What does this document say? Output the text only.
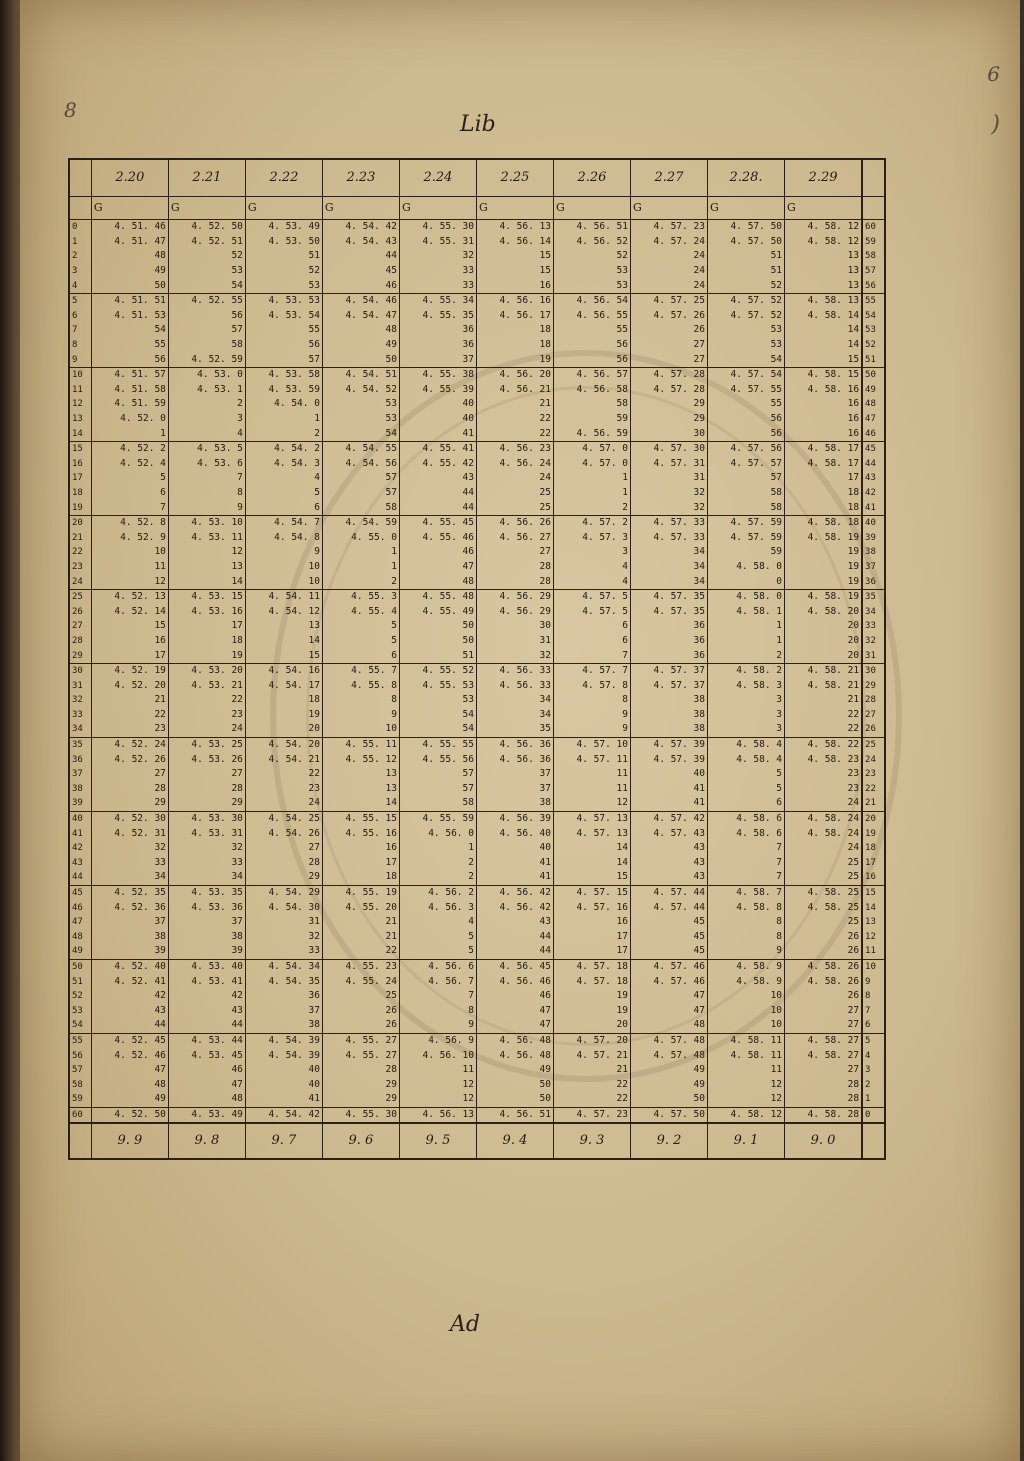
8
6
)
Lib
Ad
	2.20	2.21	2.22	2.23	2.24	2.25	2.26	2.27	2.28.	2.29	
	G	G	G	G	G	G	G	G	G	G	
0	4. 51. 46	4. 52. 50	4. 53. 49	4. 54. 42	4. 55. 30	4. 56. 13	4. 56. 51	4. 57. 23	4. 57. 50	4. 58. 12	60
1	4. 51. 47	4. 52. 51	4. 53. 50	4. 54. 43	4. 55. 31	4. 56. 14	4. 56. 52	4. 57. 24	4. 57. 50	4. 58. 12	59
2	48	52	51	44	32	15	52	24	51	13	58
3	49	53	52	45	33	15	53	24	51	13	57
4	50	54	53	46	33	16	53	24	52	13	56
5	4. 51. 51	4. 52. 55	4. 53. 53	4. 54. 46	4. 55. 34	4. 56. 16	4. 56. 54	4. 57. 25	4. 57. 52	4. 58. 13	55
6	4. 51. 53	56	4. 53. 54	4. 54. 47	4. 55. 35	4. 56. 17	4. 56. 55	4. 57. 26	4. 57. 52	4. 58. 14	54
7	54	57	55	48	36	18	55	26	53	14	53
8	55	58	56	49	36	18	56	27	53	14	52
9	56	4. 52. 59	57	50	37	19	56	27	54	15	51
10	4. 51. 57	4. 53. 0	4. 53. 58	4. 54. 51	4. 55. 38	4. 56. 20	4. 56. 57	4. 57. 28	4. 57. 54	4. 58. 15	50
11	4. 51. 58	4. 53. 1	4. 53. 59	4. 54. 52	4. 55. 39	4. 56. 21	4. 56. 58	4. 57. 28	4. 57. 55	4. 58. 16	49
12	4. 51. 59	2	4. 54. 0	53	40	21	58	29	55	16	48
13	4. 52. 0	3	1	53	40	22	59	29	56	16	47
14	1	4	2	54	41	22	4. 56. 59	30	56	16	46
15	4. 52. 2	4. 53. 5	4. 54. 2	4. 54. 55	4. 55. 41	4. 56. 23	4. 57. 0	4. 57. 30	4. 57. 56	4. 58. 17	45
16	4. 52. 4	4. 53. 6	4. 54. 3	4. 54. 56	4. 55. 42	4. 56. 24	4. 57. 0	4. 57. 31	4. 57. 57	4. 58. 17	44
17	5	7	4	57	43	24	1	31	57	17	43
18	6	8	5	57	44	25	1	32	58	18	42
19	7	9	6	58	44	25	2	32	58	18	41
20	4. 52. 8	4. 53. 10	4. 54. 7	4. 54. 59	4. 55. 45	4. 56. 26	4. 57. 2	4. 57. 33	4. 57. 59	4. 58. 18	40
21	4. 52. 9	4. 53. 11	4. 54. 8	4. 55. 0	4. 55. 46	4. 56. 27	4. 57. 3	4. 57. 33	4. 57. 59	4. 58. 19	39
22	10	12	9	1	46	27	3	34	59	19	38
23	11	13	10	1	47	28	4	34	4. 58. 0	19	37
24	12	14	10	2	48	28	4	34	0	19	36
25	4. 52. 13	4. 53. 15	4. 54. 11	4. 55. 3	4. 55. 48	4. 56. 29	4. 57. 5	4. 57. 35	4. 58. 0	4. 58. 19	35
26	4. 52. 14	4. 53. 16	4. 54. 12	4. 55. 4	4. 55. 49	4. 56. 29	4. 57. 5	4. 57. 35	4. 58. 1	4. 58. 20	34
27	15	17	13	5	50	30	6	36	1	20	33
28	16	18	14	5	50	31	6	36	1	20	32
29	17	19	15	6	51	32	7	36	2	20	31
30	4. 52. 19	4. 53. 20	4. 54. 16	4. 55. 7	4. 55. 52	4. 56. 33	4. 57. 7	4. 57. 37	4. 58. 2	4. 58. 21	30
31	4. 52. 20	4. 53. 21	4. 54. 17	4. 55. 8	4. 55. 53	4. 56. 33	4. 57. 8	4. 57. 37	4. 58. 3	4. 58. 21	29
32	21	22	18	8	53	34	8	38	3	21	28
33	22	23	19	9	54	34	9	38	3	22	27
34	23	24	20	10	54	35	9	38	3	22	26
35	4. 52. 24	4. 53. 25	4. 54. 20	4. 55. 11	4. 55. 55	4. 56. 36	4. 57. 10	4. 57. 39	4. 58. 4	4. 58. 22	25
36	4. 52. 26	4. 53. 26	4. 54. 21	4. 55. 12	4. 55. 56	4. 56. 36	4. 57. 11	4. 57. 39	4. 58. 4	4. 58. 23	24
37	27	27	22	13	57	37	11	40	5	23	23
38	28	28	23	13	57	37	11	41	5	23	22
39	29	29	24	14	58	38	12	41	6	24	21
40	4. 52. 30	4. 53. 30	4. 54. 25	4. 55. 15	4. 55. 59	4. 56. 39	4. 57. 13	4. 57. 42	4. 58. 6	4. 58. 24	20
41	4. 52. 31	4. 53. 31	4. 54. 26	4. 55. 16	4. 56. 0	4. 56. 40	4. 57. 13	4. 57. 43	4. 58. 6	4. 58. 24	19
42	32	32	27	16	1	40	14	43	7	24	18
43	33	33	28	17	2	41	14	43	7	25	17
44	34	34	29	18	2	41	15	43	7	25	16
45	4. 52. 35	4. 53. 35	4. 54. 29	4. 55. 19	4. 56. 2	4. 56. 42	4. 57. 15	4. 57. 44	4. 58. 7	4. 58. 25	15
46	4. 52. 36	4. 53. 36	4. 54. 30	4. 55. 20	4. 56. 3	4. 56. 42	4. 57. 16	4. 57. 44	4. 58. 8	4. 58. 25	14
47	37	37	31	21	4	43	16	45	8	25	13
48	38	38	32	21	5	44	17	45	8	26	12
49	39	39	33	22	5	44	17	45	9	26	11
50	4. 52. 40	4. 53. 40	4. 54. 34	4. 55. 23	4. 56. 6	4. 56. 45	4. 57. 18	4. 57. 46	4. 58. 9	4. 58. 26	10
51	4. 52. 41	4. 53. 41	4. 54. 35	4. 55. 24	4. 56. 7	4. 56. 46	4. 57. 18	4. 57. 46	4. 58. 9	4. 58. 26	9
52	42	42	36	25	7	46	19	47	10	26	8
53	43	43	37	26	8	47	19	47	10	27	7
54	44	44	38	26	9	47	20	48	10	27	6
55	4. 52. 45	4. 53. 44	4. 54. 39	4. 55. 27	4. 56. 9	4. 56. 48	4. 57. 20	4. 57. 48	4. 58. 11	4. 58. 27	5
56	4. 52. 46	4. 53. 45	4. 54. 39	4. 55. 27	4. 56. 10	4. 56. 48	4. 57. 21	4. 57. 48	4. 58. 11	4. 58. 27	4
57	47	46	40	28	11	49	21	49	11	27	3
58	48	47	40	29	12	50	22	49	12	28	2
59	49	48	41	29	12	50	22	50	12	28	1
60	4. 52. 50	4. 53. 49	4. 54. 42	4. 55. 30	4. 56. 13	4. 56. 51	4. 57. 23	4. 57. 50	4. 58. 12	4. 58. 28	0
	9. 9	9. 8	9. 7	9. 6	9. 5	9. 4	9. 3	9. 2	9. 1	9. 0	
